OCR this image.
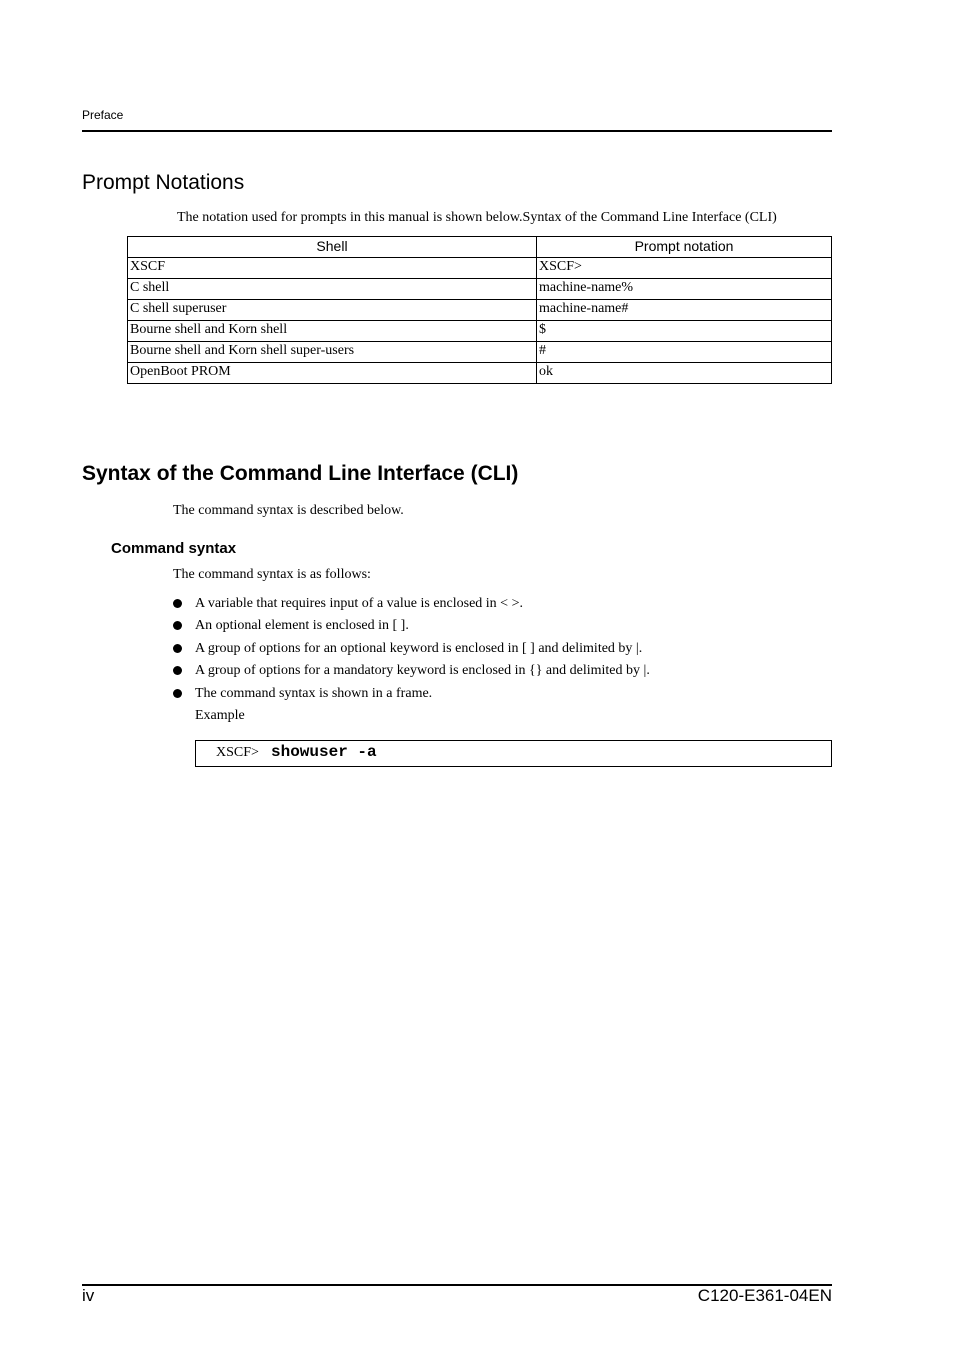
Preface
Prompt Notations
The notation used for prompts in this manual is shown below.Syntax of the Command Line Interface (CLI)
Shell	Prompt notation
XSCF	XSCF>
C shell	machine-name%
C shell superuser	machine-name#
Bourne shell and Korn shell	$
Bourne shell and Korn shell super-users	#
OpenBoot PROM	ok
Syntax of the Command Line Interface (CLI)
The command syntax is described below.
Command syntax
The command syntax is as follows:
A variable that requires input of a value is enclosed in < >.
An optional element is enclosed in [ ].
A group of options for an optional keyword is enclosed in [ ] and delimited by |.
A group of options for a mandatory keyword is enclosed in {} and delimited by |.
The command syntax is shown in a frame.
Example
XSCF> showuser -a
iv	C120-E361-04EN
